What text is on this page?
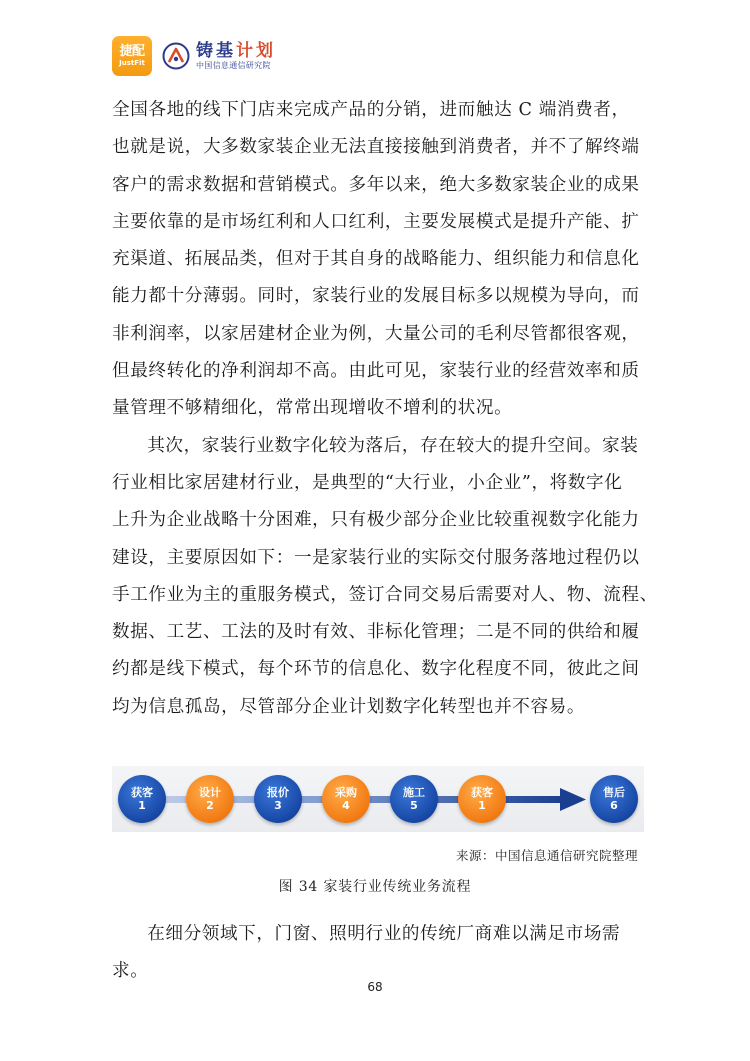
捷配
JustFit
铸基计划
中国信息通信研究院

全国各地的线下门店来完成产品的分销，进而触达 C 端消费者，
也就是说，大多数家装企业无法直接接触到消费者，并不了解终端
客户的需求数据和营销模式。多年以来，绝大多数家装企业的成果
主要依靠的是市场红利和人口红利，主要发展模式是提升产能、扩
充渠道、拓展品类，但对于其自身的战略能力、组织能力和信息化
能力都十分薄弱。同时，家装行业的发展目标多以规模为导向，而
非利润率，以家居建材企业为例，大量公司的毛利尽管都很客观，
但最终转化的净利润却不高。由此可见，家装行业的经营效率和质
量管理不够精细化，常常出现增收不增利的状况。

其次，家装行业数字化较为落后，存在较大的提升空间。家装
行业相比家居建材行业，是典型的“大行业，小企业”，将数字化
上升为企业战略十分困难，只有极少部分企业比较重视数字化能力
建设，主要原因如下：一是家装行业的实际交付服务落地过程仍以
手工作业为主的重服务模式，签订合同交易后需要对人、物、流程、
数据、工艺、工法的及时有效、非标化管理；二是不同的供给和履
约都是线下模式，每个环节的信息化、数字化程度不同，彼此之间
均为信息孤岛，尽管部分企业计划数字化转型也并不容易。

获客
1
设计
2
报价
3
采购
4
施工
5
获客
1
售后
6
来源：中国信息通信研究院整理
图 34 家装行业传统业务流程
在细分领域下，门窗、照明行业的传统厂商难以满足市场需求。
68
